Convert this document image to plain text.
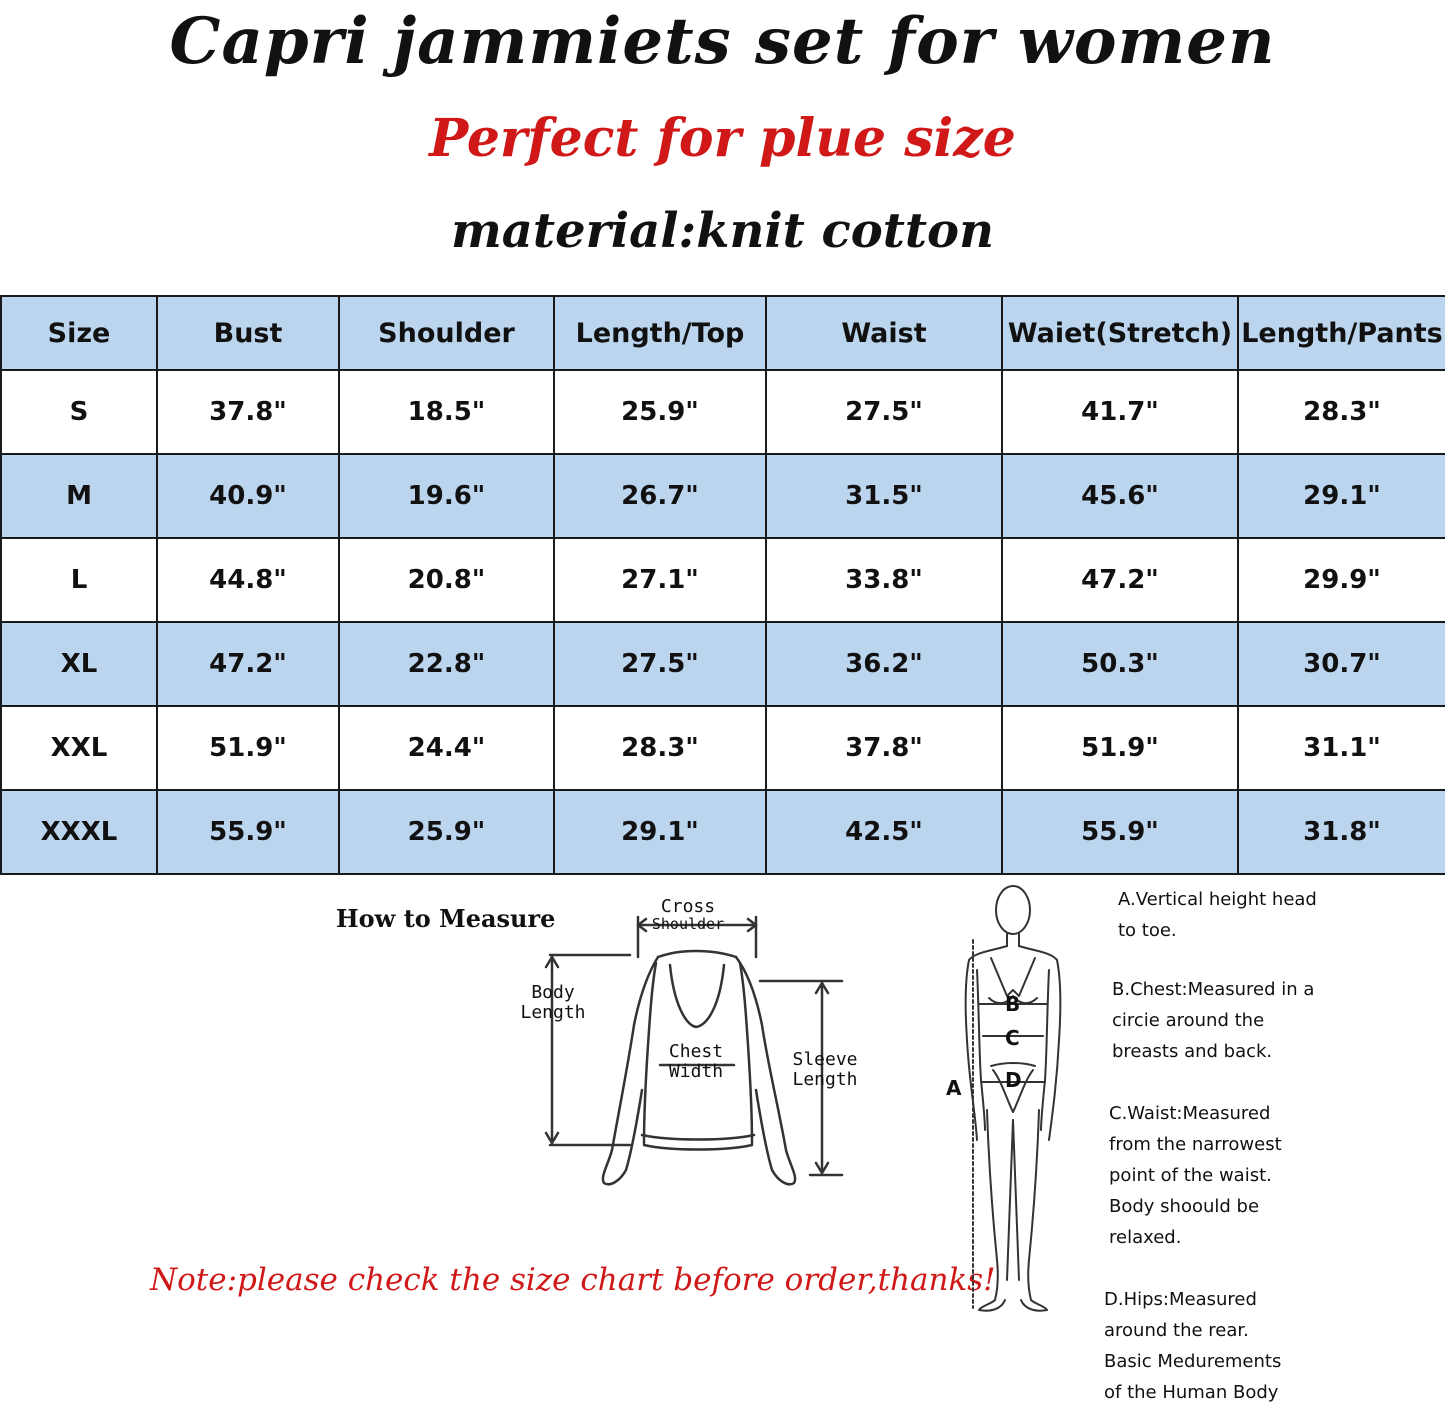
Capri jammiets set for women
Perfect for plue size
material:knit cotton
Size	Bust	Shoulder	Length/Top	Waist	Waiet(Stretch)	Length/Pants
S	37.8"	18.5"	25.9"	27.5"	41.7"	28.3"
M	40.9"	19.6"	26.7"	31.5"	45.6"	29.1"
L	44.8"	20.8"	27.1"	33.8"	47.2"	29.9"
XL	47.2"	22.8"	27.5"	36.2"	50.3"	30.7"
XXL	51.9"	24.4"	28.3"	37.8"	51.9"	31.1"
XXXL	55.9"	25.9"	29.1"	42.5"	55.9"	31.8"
How to Measure	Cross
Shoulder
Body
Length
Chest
Width
Sleeve
Length
Note:please check the size chart before order,thanks!
A
B
C
D
A.Vertical height head
to toe.
B.Chest:Measured in a
circie around the
breasts and back.
C.Waist:Measured
from the narrowest
point of the waist.
Body shoould be
relaxed.
D.Hips:Measured
around the rear.
Basic Medurements
of the Human Body
